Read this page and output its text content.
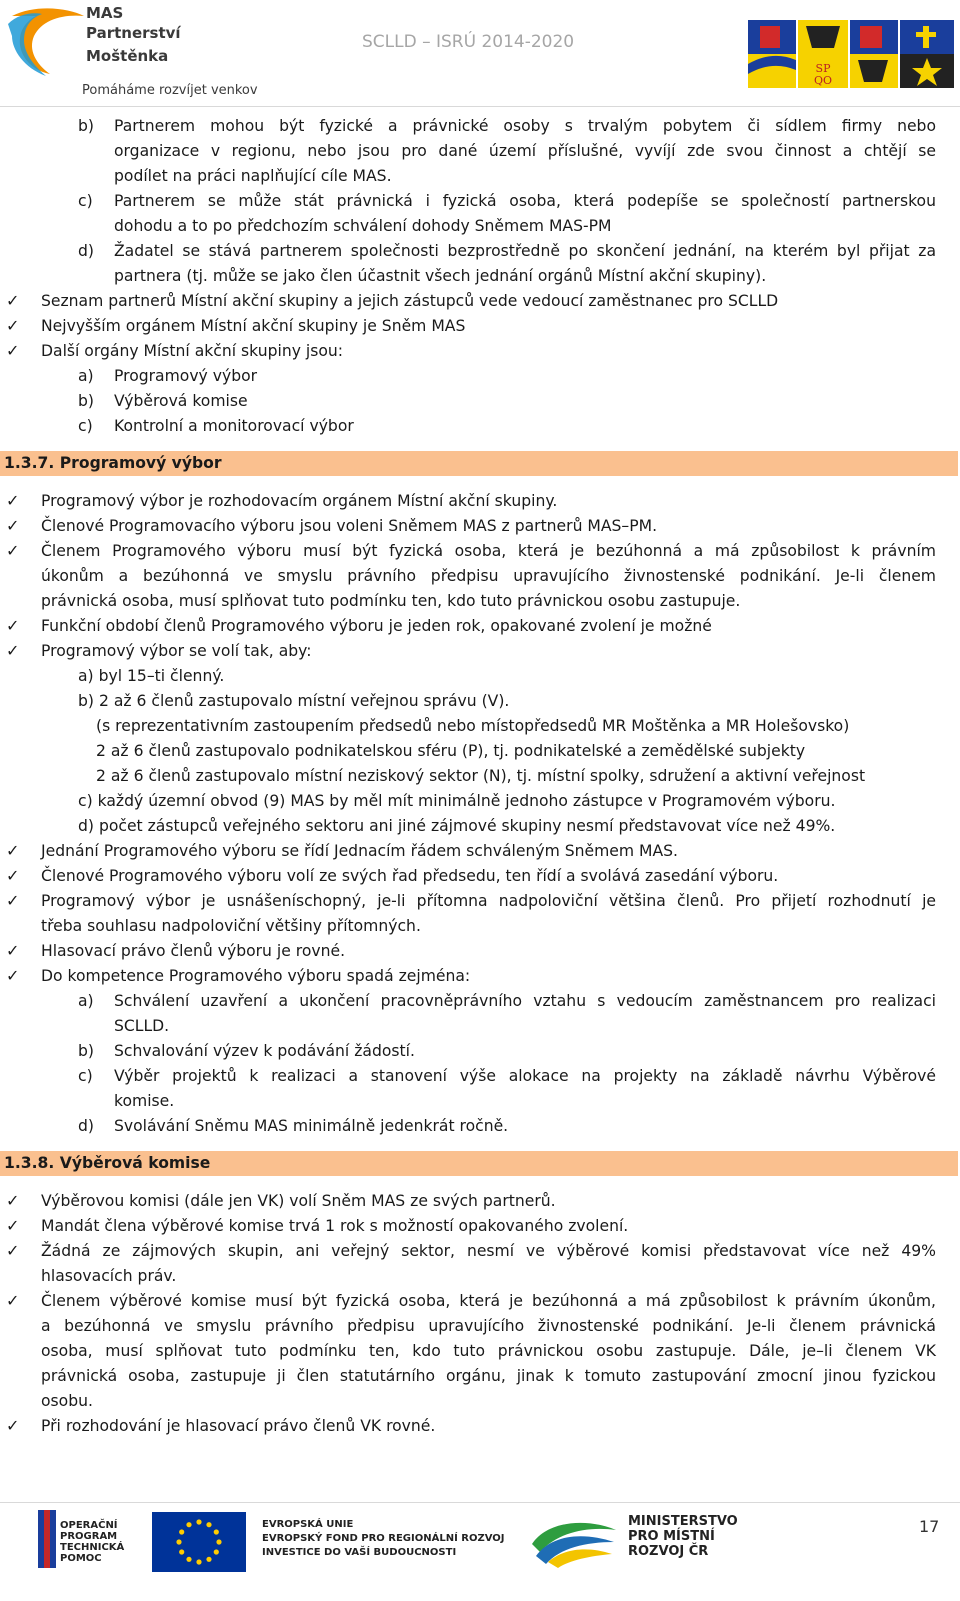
MAS
Partnerství
Moštěnka
Pomáháme rozvíjet venkov
SCLLD – ISRÚ 2014-2020
SP
QO
b) Partnerem mohou být fyzické a právnické osoby s trvalým pobytem či sídlem firmy nebo
organizace v regionu, nebo jsou pro dané území příslušné, vyvíjí zde svou činnost a chtějí se
podílet na práci naplňující cíle MAS.
c) Partnerem se může stát právnická i fyzická osoba, která podepíše se společností partnerskou
dohodu a to po předchozím schválení dohody Sněmem MAS-PM
d) Žadatel se stává partnerem společnosti bezprostředně po skončení jednání, na kterém byl přijat za
partnera (tj. může se jako člen účastnit všech jednání orgánů Místní akční skupiny).
✓ Seznam partnerů Místní akční skupiny a jejich zástupců vede vedoucí zaměstnanec pro SCLLD
✓ Nejvyšším orgánem Místní akční skupiny je Sněm MAS
✓ Další orgány Místní akční skupiny jsou:
a) Programový výbor
b) Výběrová komise
c) Kontrolní a monitorovací výbor
1.3.7. Programový výbor
✓ Programový výbor je rozhodovacím orgánem Místní akční skupiny.
✓ Členové Programovacího výboru jsou voleni Sněmem MAS z partnerů MAS–PM.
✓ Členem Programového výboru musí být fyzická osoba, která je bezúhonná a má způsobilost k právním
úkonům a bezúhonná ve smyslu právního předpisu upravujícího živnostenské podnikání. Je-li členem
právnická osoba, musí splňovat tuto podmínku ten, kdo tuto právnickou osobu zastupuje.
✓ Funkční období členů Programového výboru je jeden rok, opakované zvolení je možné
✓ Programový výbor se volí tak, aby:
a) byl 15–ti členný.
b) 2 až 6 členů zastupovalo místní veřejnou správu (V).
(s reprezentativním zastoupením předsedů nebo místopředsedů MR Moštěnka a MR Holešovsko)
2 až 6 členů zastupovalo podnikatelskou sféru (P), tj. podnikatelské a zemědělské subjekty
2 až 6 členů zastupovalo místní neziskový sektor (N), tj. místní spolky, sdružení a aktivní veřejnost
c) každý územní obvod (9) MAS by měl mít minimálně jednoho zástupce v Programovém výboru.
d) počet zástupců veřejného sektoru ani jiné zájmové skupiny nesmí představovat více než 49%.
✓ Jednání Programového výboru se řídí Jednacím řádem schváleným Sněmem MAS.
✓ Členové Programového výboru volí ze svých řad předsedu, ten řídí a svolává zasedání výboru.
✓ Programový výbor je usnášeníschopný, je-li přítomna nadpoloviční většina členů. Pro přijetí rozhodnutí je
třeba souhlasu nadpoloviční většiny přítomných.
✓ Hlasovací právo členů výboru je rovné.
✓ Do kompetence Programového výboru spadá zejména:
a) Schválení uzavření a ukončení pracovněprávního vztahu s vedoucím zaměstnancem pro realizaci
SCLLD.
b) Schvalování výzev k podávání žádostí.
c) Výběr projektů k realizaci a stanovení výše alokace na projekty na základě návrhu Výběrové
komise.
d) Svolávání Sněmu MAS minimálně jedenkrát ročně.
1.3.8. Výběrová komise
✓ Výběrovou komisi (dále jen VK) volí Sněm MAS ze svých partnerů.
✓ Mandát člena výběrové komise trvá 1 rok s možností opakovaného zvolení.
✓ Žádná ze zájmových skupin, ani veřejný sektor, nesmí ve výběrové komisi představovat více než 49%
hlasovacích práv.
✓ Členem výběrové komise musí být fyzická osoba, která je bezúhonná a má způsobilost k právním úkonům,
a bezúhonná ve smyslu právního předpisu upravujícího živnostenské podnikání. Je-li členem právnická
osoba, musí splňovat tuto podmínku ten, kdo tuto právnickou osobu zastupuje. Dále, je–li členem VK
právnická osoba, zastupuje ji člen statutárního orgánu, jinak k tomuto zastupování zmocní jinou fyzickou
osobu.
✓ Při rozhodování je hlasovací právo členů VK rovné.
OPERAČNÍ
PROGRAM
TECHNICKÁ
POMOC
EVROPSKÁ UNIE
EVROPSKÝ FOND PRO REGIONÁLNÍ ROZVOJ
INVESTICE DO VAŠÍ BUDOUCNOSTI
MINISTERSTVO
PRO MÍSTNÍ
ROZVOJ ČR
17
